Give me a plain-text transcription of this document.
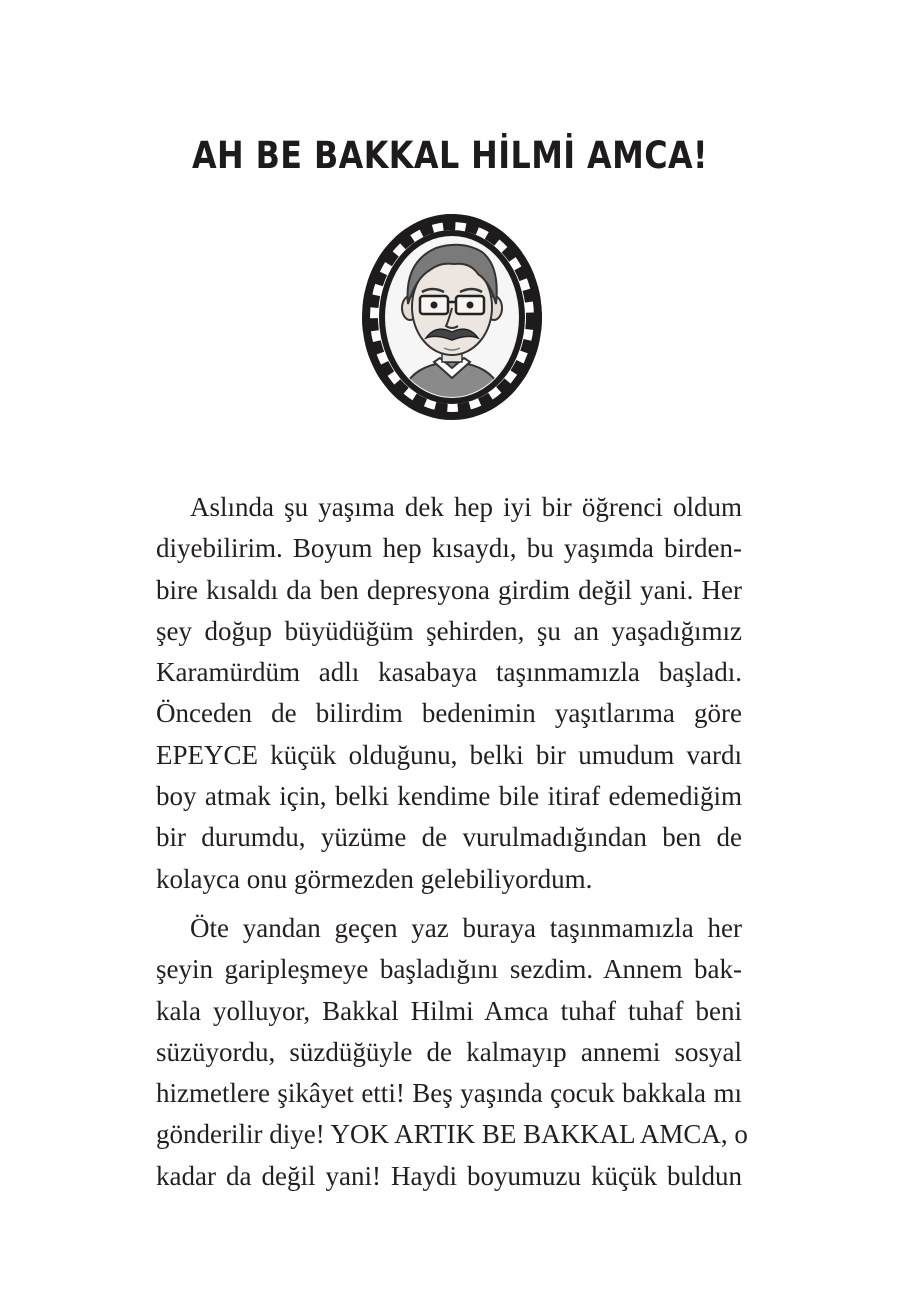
AH BE BAKKAL HİLMİ AMCA!
Aslında şu yaşıma dek hep iyi bir öğrenci oldum
diyebilirim. Boyum hep kısaydı, bu yaşımda birden-
bire kısaldı da ben depresyona girdim değil yani. Her
şey doğup büyüdüğüm şehirden, şu an yaşadığımız
Karamürdüm adlı kasabaya taşınmamızla başladı.
Önceden de bilirdim bedenimin yaşıtlarıma göre
EPEYCE küçük olduğunu, belki bir umudum vardı
boy atmak için, belki kendime bile itiraf edemediğim
bir durumdu, yüzüme de vurulmadığından ben de
kolayca onu görmezden gelebiliyordum.
Öte yandan geçen yaz buraya taşınmamızla her
şeyin garipleşmeye başladığını sezdim. Annem bak-
kala yolluyor, Bakkal Hilmi Amca tuhaf tuhaf beni
süzüyordu, süzdüğüyle de kalmayıp annemi sosyal
hizmetlere şikâyet etti! Beş yaşında çocuk bakkala mı
gönderilir diye! YOK ARTIK BE BAKKAL AMCA, o
kadar da değil yani! Haydi boyumuzu küçük buldun
